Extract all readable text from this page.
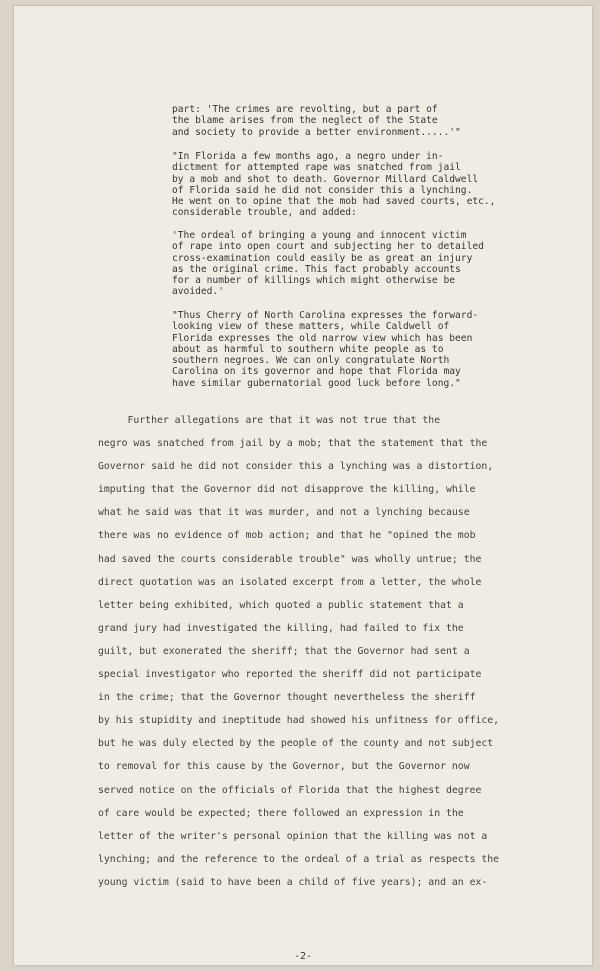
part: 'The crimes are revolting, but a part of
the blame arises from the neglect of the State
and society to provide a better environment.....'"

"In Florida a few months ago, a negro under in-
dictment for attempted rape was snatched from jail
by a mob and shot to death. Governor Millard Caldwell
of Florida said he did not consider this a lynching.
He went on to opine that the mob had saved courts, etc.,
considerable trouble, and added:

'The ordeal of bringing a young and innocent victim
of rape into open court and subjecting her to detailed
cross-examination could easily be as great an injury
as the original crime. This fact probably accounts
for a number of killings which might otherwise be
avoided.'

"Thus Cherry of North Carolina expresses the forward-
looking view of these matters, while Caldwell of
Florida expresses the old narrow view which has been
about as harmful to southern white people as to
southern negroes. We can only congratulate North
Carolina on its governor and hope that Florida may
have similar gubernatorial good luck before long."

Further allegations are that it was not true that the
negro was snatched from jail by a mob; that the statement that the
Governor said he did not consider this a lynching was a distortion,
imputing that the Governor did not disapprove the killing, while
what he said was that it was murder, and not a lynching because
there was no evidence of mob action; and that he "opined the mob
had saved the courts considerable trouble" was wholly untrue; the
direct quotation was an isolated excerpt from a letter, the whole
letter being exhibited, which quoted a public statement that a
grand jury had investigated the killing, had failed to fix the
guilt, but exonerated the sheriff; that the Governor had sent a
special investigator who reported the sheriff did not participate
in the crime; that the Governor thought nevertheless the sheriff
by his stupidity and ineptitude had showed his unfitness for office,
but he was duly elected by the people of the county and not subject
to removal for this cause by the Governor, but the Governor now
served notice on the officials of Florida that the highest degree
of care would be expected; there followed an expression in the
letter of the writer's personal opinion that the killing was not a
lynching; and the reference to the ordeal of a trial as respects the
young victim (said to have been a child of five years); and an ex-

-2-
